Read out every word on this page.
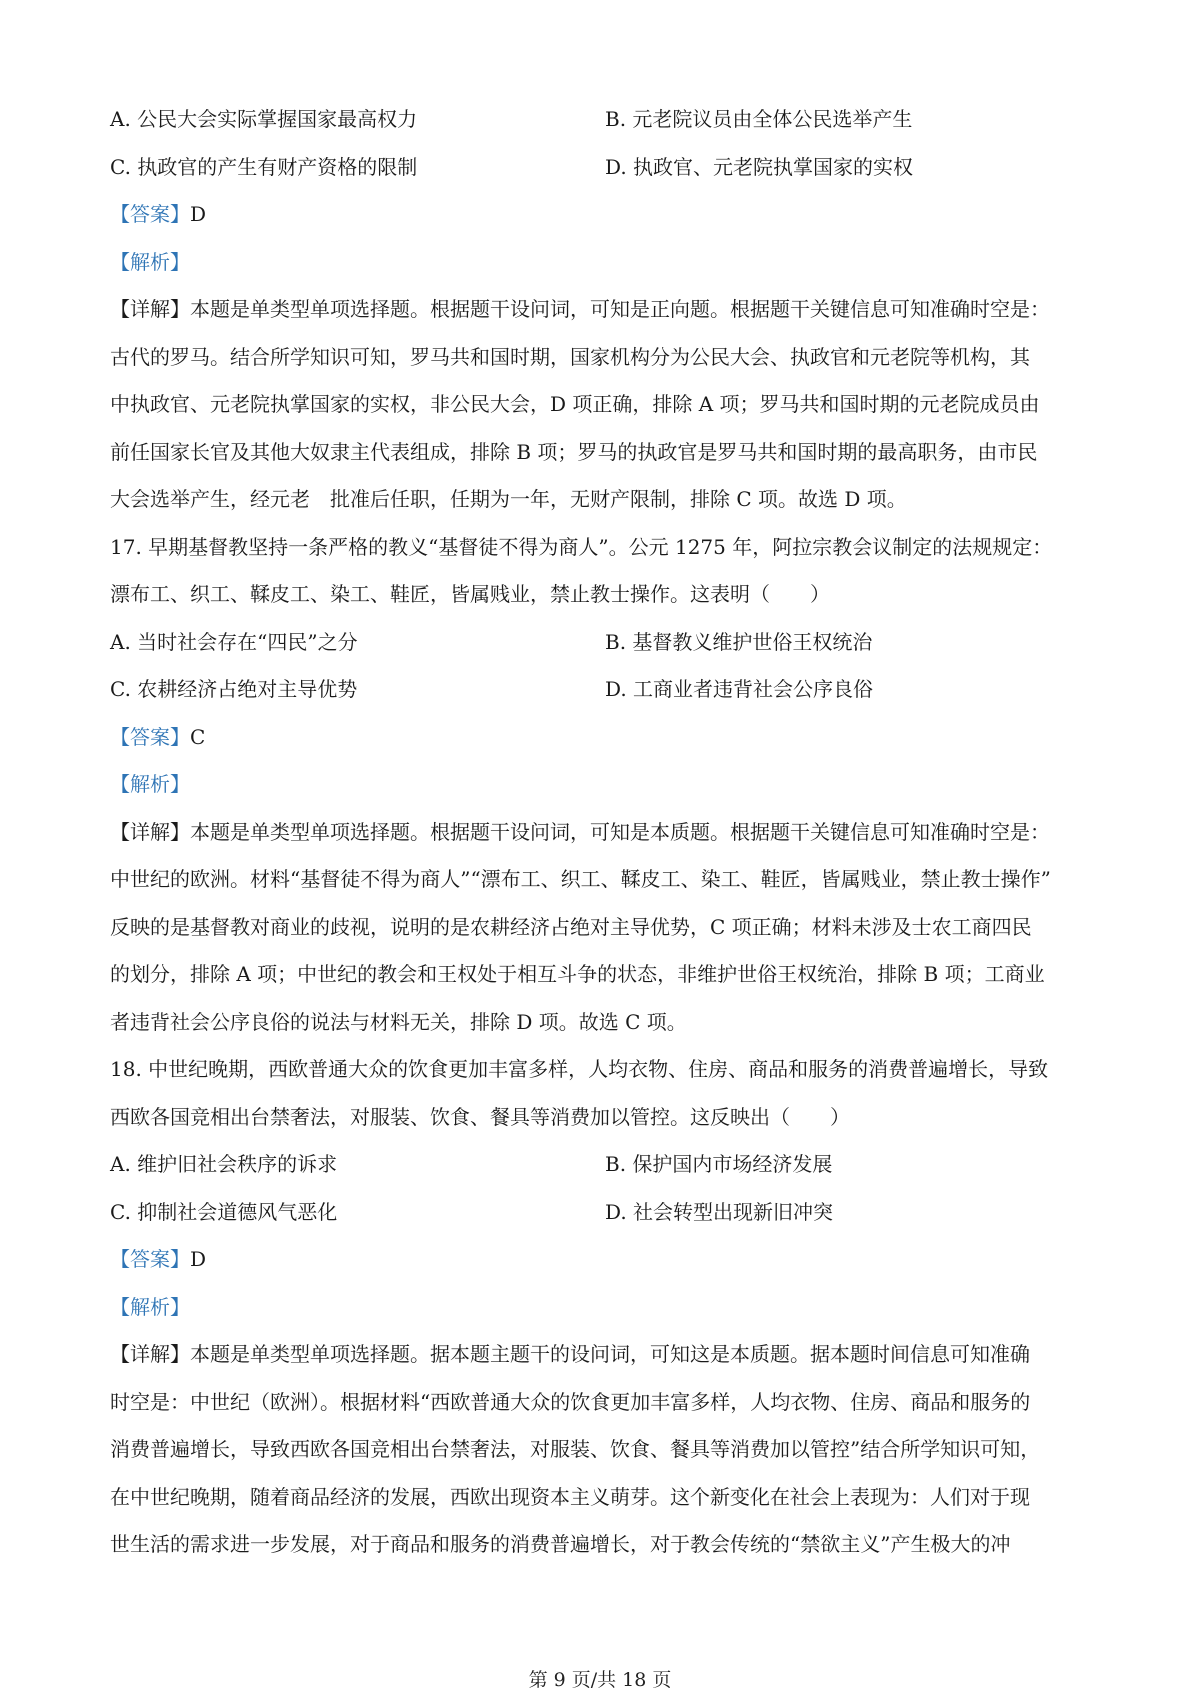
A. 公民大会实际掌握国家最高权力	B. 元老院议员由全体公民选举产生
C. 执政官的产生有财产资格的限制	D. 执政官、元老院执掌国家的实权
【答案】D
【解析】
【详解】本题是单类型单项选择题。根据题干设问词，可知是正向题。根据题干关键信息可知准确时空是：
古代的罗马。结合所学知识可知，罗马共和国时期，国家机构分为公民大会、执政官和元老院等机构，其
中执政官、元老院执掌国家的实权，非公民大会，D 项正确，排除 A 项；罗马共和国时期的元老院成员由
前任国家长官及其他大奴隶主代表组成，排除 B 项；罗马的执政官是罗马共和国时期的最高职务，由市民
大会选举产生，经元老　批准后任职，任期为一年，无财产限制，排除 C 项。故选 D 项。
17. 早期基督教坚持一条严格的教义“基督徒不得为商人”。公元 1275 年，阿拉宗教会议制定的法规规定：
漂布工、织工、鞣皮工、染工、鞋匠，皆属贱业，禁止教士操作。这表明（　　）
A. 当时社会存在“四民”之分	B. 基督教义维护世俗王权统治
C. 农耕经济占绝对主导优势	D. 工商业者违背社会公序良俗
【答案】C
【解析】
【详解】本题是单类型单项选择题。根据题干设问词，可知是本质题。根据题干关键信息可知准确时空是：
中世纪的欧洲。材料“基督徒不得为商人”“漂布工、织工、鞣皮工、染工、鞋匠，皆属贱业，禁止教士操作”
反映的是基督教对商业的歧视，说明的是农耕经济占绝对主导优势，C 项正确；材料未涉及士农工商四民
的划分，排除 A 项；中世纪的教会和王权处于相互斗争的状态，非维护世俗王权统治，排除 B 项；工商业
者违背社会公序良俗的说法与材料无关，排除 D 项。故选 C 项。
18. 中世纪晚期，西欧普通大众的饮食更加丰富多样，人均衣物、住房、商品和服务的消费普遍增长，导致
西欧各国竞相出台禁奢法，对服装、饮食、餐具等消费加以管控。这反映出（　　）
A. 维护旧社会秩序的诉求	B. 保护国内市场经济发展
C. 抑制社会道德风气恶化	D. 社会转型出现新旧冲突
【答案】D
【解析】
【详解】本题是单类型单项选择题。据本题主题干的设问词，可知这是本质题。据本题时间信息可知准确
时空是：中世纪（欧洲）。根据材料“西欧普通大众的饮食更加丰富多样，人均衣物、住房、商品和服务的
消费普遍增长，导致西欧各国竞相出台禁奢法，对服装、饮食、餐具等消费加以管控”结合所学知识可知，
在中世纪晚期，随着商品经济的发展，西欧出现资本主义萌芽。这个新变化在社会上表现为：人们对于现
世生活的需求进一步发展，对于商品和服务的消费普遍增长，对于教会传统的“禁欲主义”产生极大的冲
第 9 页/共 18 页
